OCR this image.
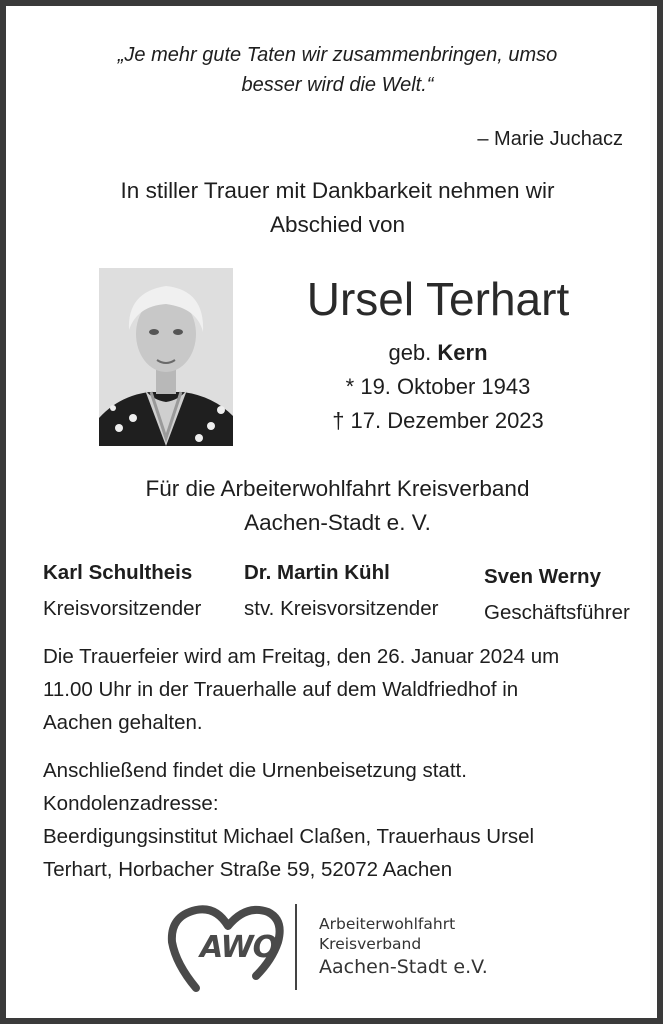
„Je mehr gute Taten wir zusammenbringen, umso
besser wird die Welt.“
– Marie Juchacz
In stiller Trauer mit Dankbarkeit nehmen wir
Abschied von
Ursel Terhart
geb. Kern
* 19. Oktober 1943
† 17. Dezember 2023
Für die Arbeiterwohlfahrt Kreisverband
Aachen-Stadt e. V.
Karl Schultheis
Kreisvorsitzender
Dr. Martin Kühl
stv. Kreisvorsitzender
Sven Werny
Geschäftsführer
Die Trauerfeier wird am Freitag, den 26. Januar 2024 um
11.00 Uhr in der Trauerhalle auf dem Waldfriedhof in
Aachen gehalten.
Anschließend findet die Urnenbeisetzung statt.
Kondolenzadresse:
Beerdigungsinstitut Michael Claßen, Trauerhaus Ursel
Terhart, Horbacher Straße 59, 52072 Aachen
AWO
Arbeiterwohlfahrt
Kreisverband
Aachen-Stadt e.V.
